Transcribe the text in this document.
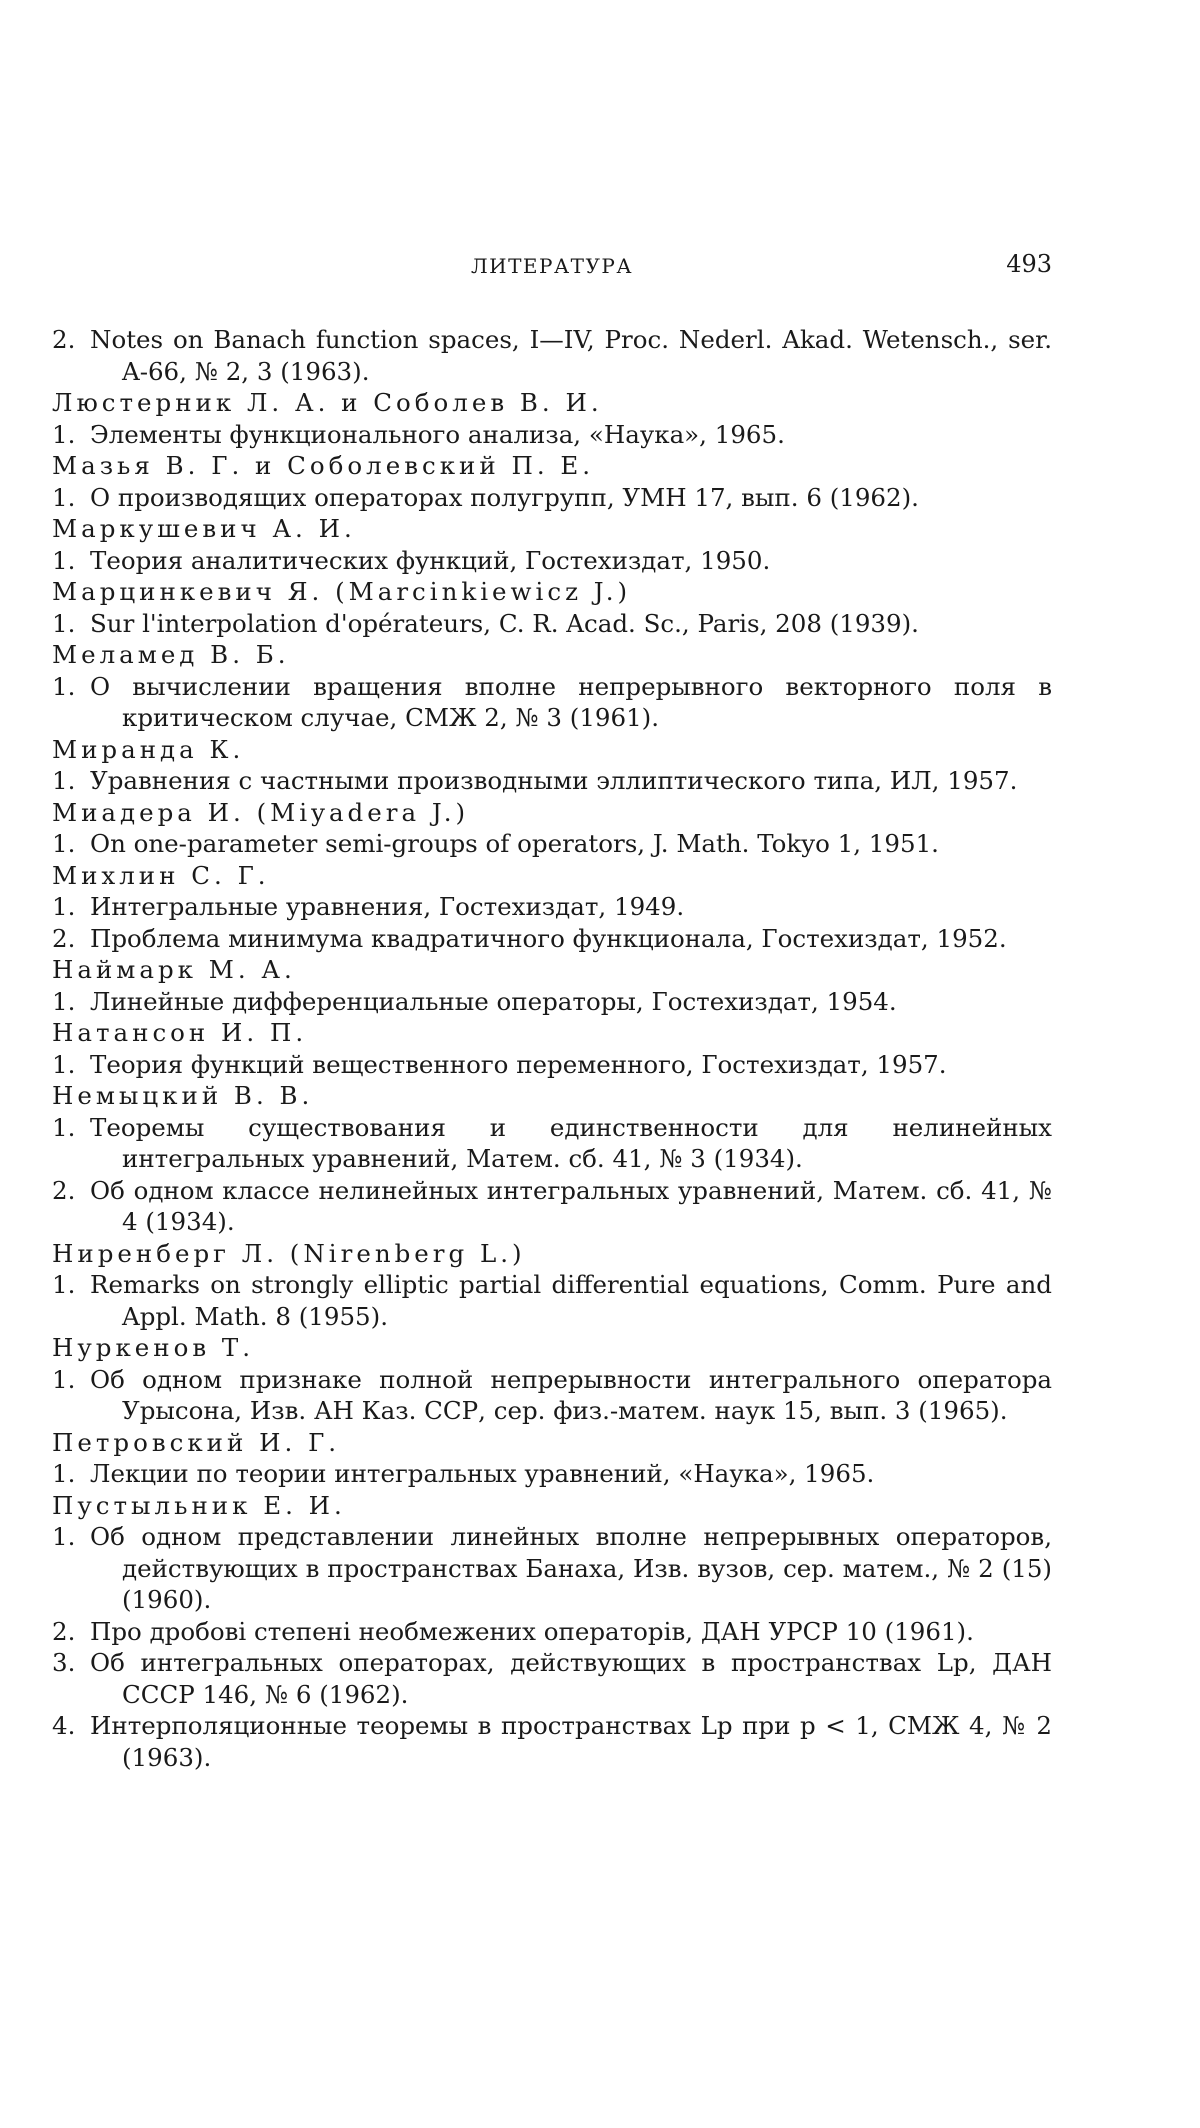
ЛИТЕРАТУРА	493
2. Notes on Banach function spaces, I—IV, Proc. Nederl. Akad. Wetensch., ser. A-66, № 2, 3 (1963).
Люстерник Л. А. и Соболев В. И.
1. Элементы функционального анализа, «Наука», 1965.
Мазья В. Г. и Соболевский П. Е.
1. О производящих операторах полугрупп, УМН 17, вып. 6 (1962).
Маркушевич А. И.
1. Теория аналитических функций, Гостехиздат, 1950.
Марцинкевич Я. (Marcinkiewicz J.)
1. Sur l'interpolation d'opérateurs, C. R. Acad. Sc., Paris, 208 (1939).
Меламед В. Б.
1. О вычислении вращения вполне непрерывного векторного поля в критическом случае, СМЖ 2, № 3 (1961).
Миранда К.
1. Уравнения с частными производными эллиптического типа, ИЛ, 1957.
Миадера И. (Miyadera J.)
1. On one-parameter semi-groups of operators, J. Math. Tokyo 1, 1951.
Михлин С. Г.
1. Интегральные уравнения, Гостехиздат, 1949.
2. Проблема минимума квадратичного функционала, Гостехиздат, 1952.
Наймарк М. А.
1. Линейные дифференциальные операторы, Гостехиздат, 1954.
Натансон И. П.
1. Теория функций вещественного переменного, Гостехиздат, 1957.
Немыцкий В. В.
1. Теоремы существования и единственности для нелинейных интегральных уравнений, Матем. сб. 41, № 3 (1934).
2. Об одном классе нелинейных интегральных уравнений, Матем. сб. 41, № 4 (1934).
Ниренберг Л. (Nirenberg L.)
1. Remarks on strongly elliptic partial differential equations, Comm. Pure and Appl. Math. 8 (1955).
Нуркенов Т.
1. Об одном признаке полной непрерывности интегрального оператора Урысона, Изв. АН Каз. ССР, сер. физ.-матем. наук 15, вып. 3 (1965).
Петровский И. Г.
1. Лекции по теории интегральных уравнений, «Наука», 1965.
Пустыльник Е. И.
1. Об одном представлении линейных вполне непрерывных операторов, действующих в пространствах Банаха, Изв. вузов, сер. матем., № 2 (15) (1960).
2. Про дробові степені необмежених операторів, ДАН УРСР 10 (1961).
3. Об интегральных операторах, действующих в пространствах Lp, ДАН СССР 146, № 6 (1962).
4. Интерполяционные теоремы в пространствах Lp при p < 1, СМЖ 4, № 2 (1963).
